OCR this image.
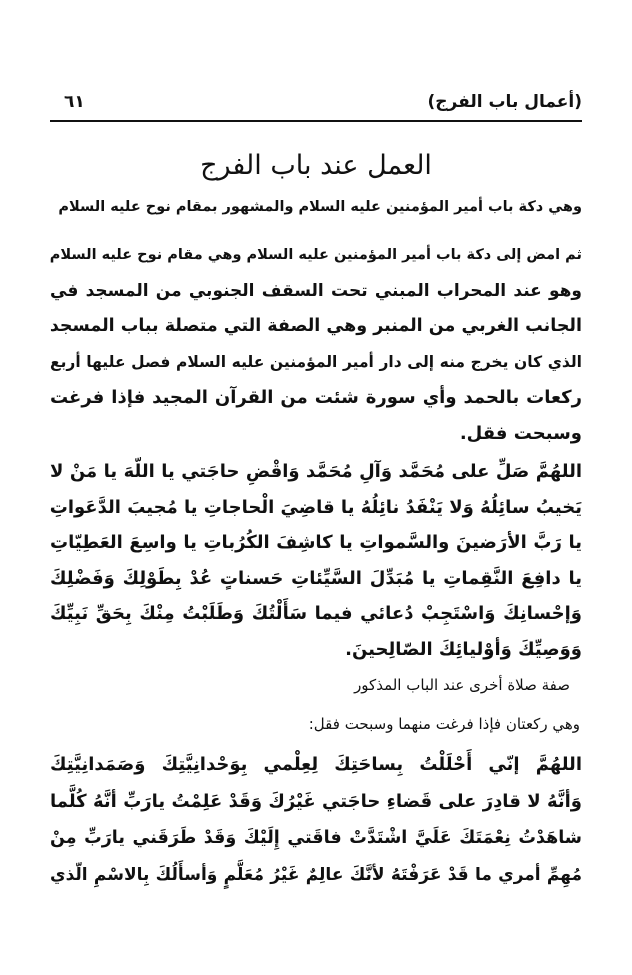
(أعمال باب الفرج)
٦١
العمل عند باب الفرج
وهي دكة باب أمير المؤمنين عليه السلام والمشهور بمقام نوح عليه السلام
ثم امض إلى دكة باب أمير المؤمنين عليه السلام وهي مقام نوح عليه السلام
وهو عند المحراب المبني تحت السقف الجنوبي من المسجد في
الجانب الغربي من المنبر وهي الصفة التي متصلة بباب المسجد
الذي كان يخرج منه إلى دار أمير المؤمنين عليه السلام فصل عليها أربع
ركعات بالحمد وأي سورة شئت من القرآن المجيد فإذا فرغت
وسبحت فقل.
اللهُمَّ صَلِّ على مُحَمَّد وَآلِ مُحَمَّد وَاقْضِ حاجَتي يا اللّهَ يا مَنْ لا
يَخيبُ سائِلُهُ وَلا يَنْفَدُ نائِلُهُ يا قاضِيَ الْحاجاتِ يا مُجيبَ الدَّعَواتِ
يا رَبَّ الأرَضينَ والسَّمواتِ يا كاشِفَ الكُرُباتِ يا واسِعَ العَطِيّاتِ
يا دافِعَ النَّقِماتِ يا مُبَدِّلَ السَّيِّئاتِ حَسناتٍ عُدْ بِطَوْلِكَ وَفَضْلِكَ
وَإحْسانِكَ وَاسْتَجِبْ دُعائي فيما سَأَلْتُكَ وَطَلَبْتُ مِنْكَ بِحَقِّ نَبِيِّكَ
وَوَصِيِّكَ وَأوْليائِكَ الصّالِحينَ.
صفة صلاة أخرى عند الباب المذكور
وهي ركعتان فإذا فرغت منهما وسبحت فقل:
اللهُمَّ إنّي أَحْلَلْتُ بِساحَتِكَ لِعِلْمي بِوَحْدانِيَّتِكَ وَصَمَدانِيَّتِكَ
وَأنَّهُ لا قادِرَ على قَضاءِ حاجَتي غَيْرُكَ وَقَدْ عَلِمْتُ يارَبِّ أنَّهُ كُلَّما
شاهَدْتُ نِعْمَتَكَ عَلَيَّ اشْتَدَّتْ فاقَتي إِلَيْكَ وَقَدْ طَرَقَني يارَبِّ مِنْ
مُهِمِّ أمري ما قَدْ عَرَفْتَهُ لأنَّكَ عالِمٌ غَيْرُ مُعَلَّمٍ وَأسأَلُكَ بِالاسْمِ الّذي
